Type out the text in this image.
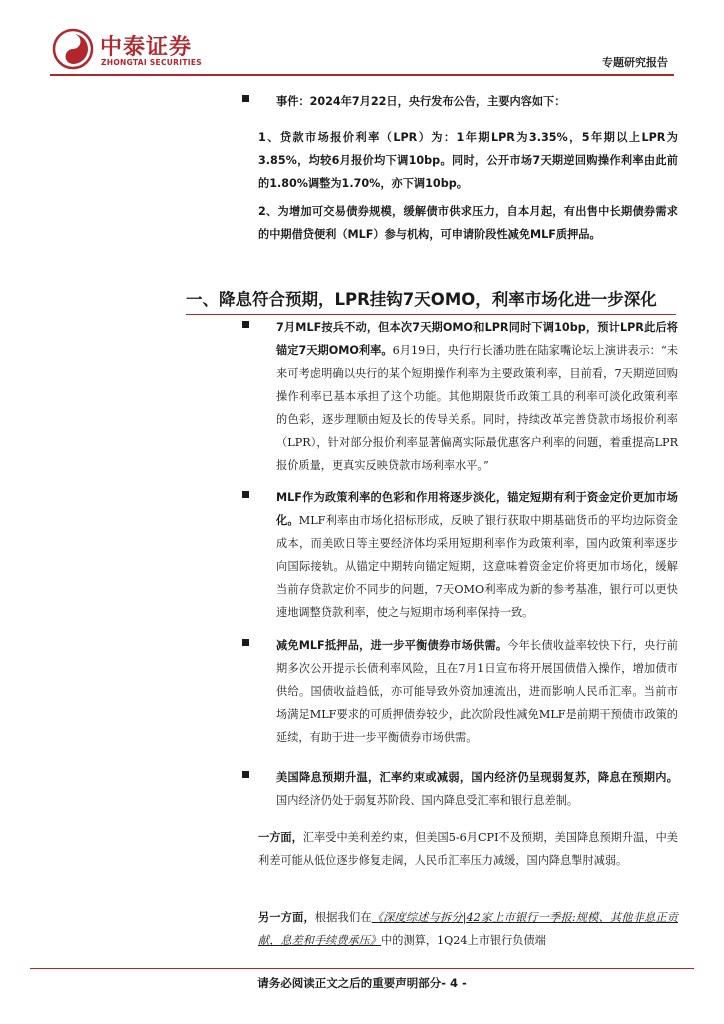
中泰证券
ZHONGTAI SECURITIES	专题研究报告

事件：2024年7月22日，央行发布公告，主要内容如下：

1、贷款市场报价利率（LPR）为：1年期LPR为3.35%，5年期以上LPR为3.85%，均较6月报价均下调10bp。同时，公开市场7天期逆回购操作利率由此前的1.80%调整为1.70%，亦下调10bp。

2、为增加可交易债券规模，缓解债市供求压力，自本月起，有出售中长期债券需求的中期借贷便利（MLF）参与机构，可申请阶段性减免MLF质押品。

一、降息符合预期，LPR挂钩7天OMO，利率市场化进一步深化

7月MLF按兵不动，但本次7天期OMO和LPR同时下调10bp，预计LPR此后将锚定7天期OMO利率。6月19日，央行行长潘功胜在陆家嘴论坛上演讲表示：“未来可考虑明确以央行的某个短期操作利率为主要政策利率，目前看，7天期逆回购操作利率已基本承担了这个功能。其他期限货币政策工具的利率可淡化政策利率的色彩，逐步理顺由短及长的传导关系。同时，持续改革完善贷款市场报价利率（LPR），针对部分报价利率显著偏离实际最优惠客户利率的问题，着重提高LPR报价质量，更真实反映贷款市场利率水平。”

MLF作为政策利率的色彩和作用将逐步淡化，锚定短期有利于资金定价更加市场化。MLF利率由市场化招标形成，反映了银行获取中期基础货币的平均边际资金成本，而美欧日等主要经济体均采用短期利率作为政策利率，国内政策利率逐步向国际接轨。从锚定中期转向锚定短期，这意味着资金定价将更加市场化，缓解当前存贷款定价不同步的问题，7天OMO利率成为新的参考基准，银行可以更快速地调整贷款利率，使之与短期市场利率保持一致。

减免MLF抵押品，进一步平衡债券市场供需。今年长债收益率较快下行，央行前期多次公开提示长债利率风险，且在7月1日宣布将开展国债借入操作，增加债市供给。国债收益趋低，亦可能导致外资加速流出，进而影响人民币汇率。当前市场满足MLF要求的可质押债券较少，此次阶段性减免MLF是前期干预债市政策的延续，有助于进一步平衡债券市场供需。

美国降息预期升温，汇率约束或减弱，国内经济仍呈现弱复苏，降息在预期内。国内经济仍处于弱复苏阶段、国内降息受汇率和银行息差制。

一方面，汇率受中美利差约束，但美国5-6月CPI不及预期，美国降息预期升温，中美利差可能从低位逐步修复走阔，人民币汇率压力减缓，国内降息掣肘减弱。

另一方面，根据我们在《深度综述与拆分|42家上市银行一季报:规模、其他非息正贡献，息差和手续费承压》中的测算，1Q24上市银行负债端

请务必阅读正文之后的重要声明部分- 4 -
